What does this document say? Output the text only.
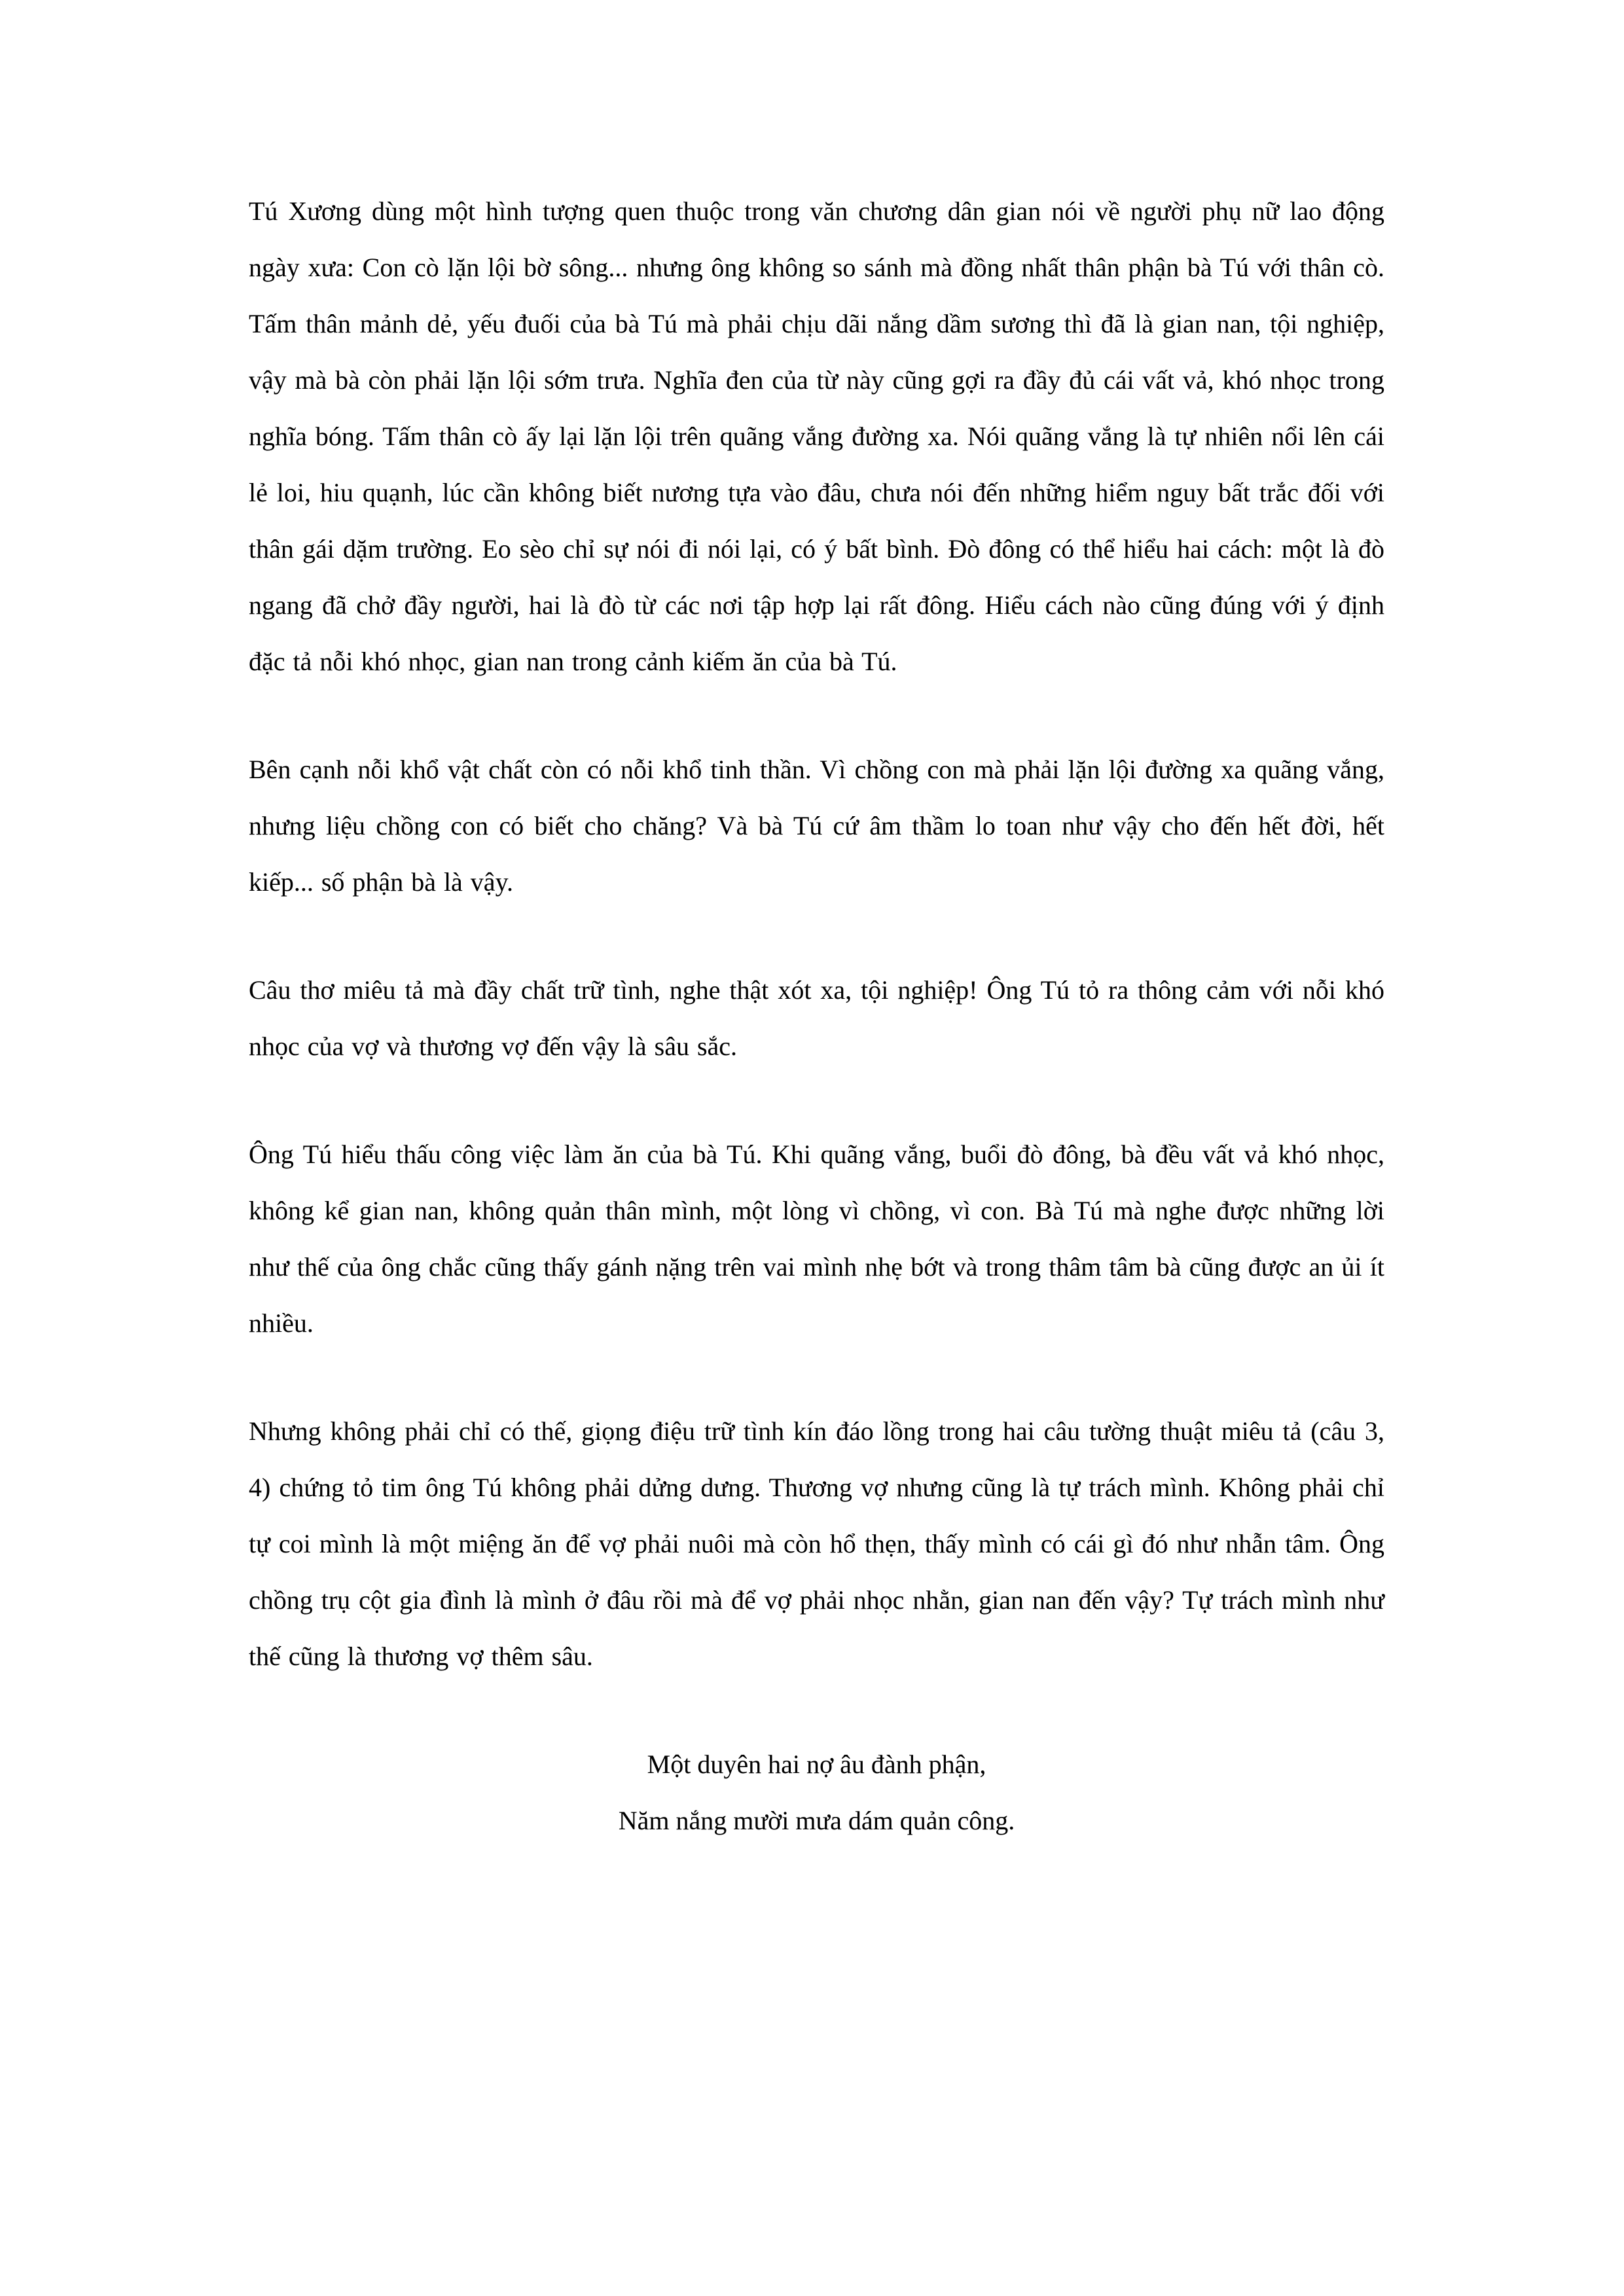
Tú Xương dùng một hình tượng quen thuộc trong văn chương dân gian nói về người phụ nữ lao động ngày xưa: Con cò lặn lội bờ sông... nhưng ông không so sánh mà đồng nhất thân phận bà Tú với thân cò. Tấm thân mảnh dẻ, yếu đuối của bà Tú mà phải chịu dãi nắng dầm sương thì đã là gian nan, tội nghiệp, vậy mà bà còn phải lặn lội sớm trưa. Nghĩa đen của từ này cũng gợi ra đầy đủ cái vất vả, khó nhọc trong nghĩa bóng. Tấm thân cò ấy lại lặn lội trên quãng vắng đường xa. Nói quãng vắng là tự nhiên nổi lên cái lẻ loi, hiu quạnh, lúc cần không biết nương tựa vào đâu, chưa nói đến những hiểm nguy bất trắc đối với thân gái dặm trường. Eo sèo chỉ sự nói đi nói lại, có ý bất bình. Đò đông có thể hiểu hai cách: một là đò ngang đã chở đầy người, hai là đò từ các nơi tập hợp lại rất đông. Hiểu cách nào cũng đúng với ý định đặc tả nỗi khó nhọc, gian nan trong cảnh kiếm ăn của bà Tú.

Bên cạnh nỗi khổ vật chất còn có nỗi khổ tinh thần. Vì chồng con mà phải lặn lội đường xa quãng vắng, nhưng liệu chồng con có biết cho chăng? Và bà Tú cứ âm thầm lo toan như vậy cho đến hết đời, hết kiếp... số phận bà là vậy.

Câu thơ miêu tả mà đầy chất trữ tình, nghe thật xót xa, tội nghiệp! Ông Tú tỏ ra thông cảm với nỗi khó nhọc của vợ và thương vợ đến vậy là sâu sắc.

Ông Tú hiểu thấu công việc làm ăn của bà Tú. Khi quãng vắng, buổi đò đông, bà đều vất vả khó nhọc, không kể gian nan, không quản thân mình, một lòng vì chồng, vì con. Bà Tú mà nghe được những lời như thế của ông chắc cũng thấy gánh nặng trên vai mình nhẹ bớt và trong thâm tâm bà cũng được an ủi ít nhiều.

Nhưng không phải chỉ có thế, giọng điệu trữ tình kín đáo lồng trong hai câu tường thuật miêu tả (câu 3, 4) chứng tỏ tim ông Tú không phải dửng dưng. Thương vợ nhưng cũng là tự trách mình. Không phải chỉ tự coi mình là một miệng ăn để vợ phải nuôi mà còn hổ thẹn, thấy mình có cái gì đó như nhẫn tâm. Ông chồng trụ cột gia đình là mình ở đâu rồi mà để vợ phải nhọc nhằn, gian nan đến vậy? Tự trách mình như thế cũng là thương vợ thêm sâu.

Một duyên hai nợ âu đành phận,
Năm nắng mười mưa dám quản công.
